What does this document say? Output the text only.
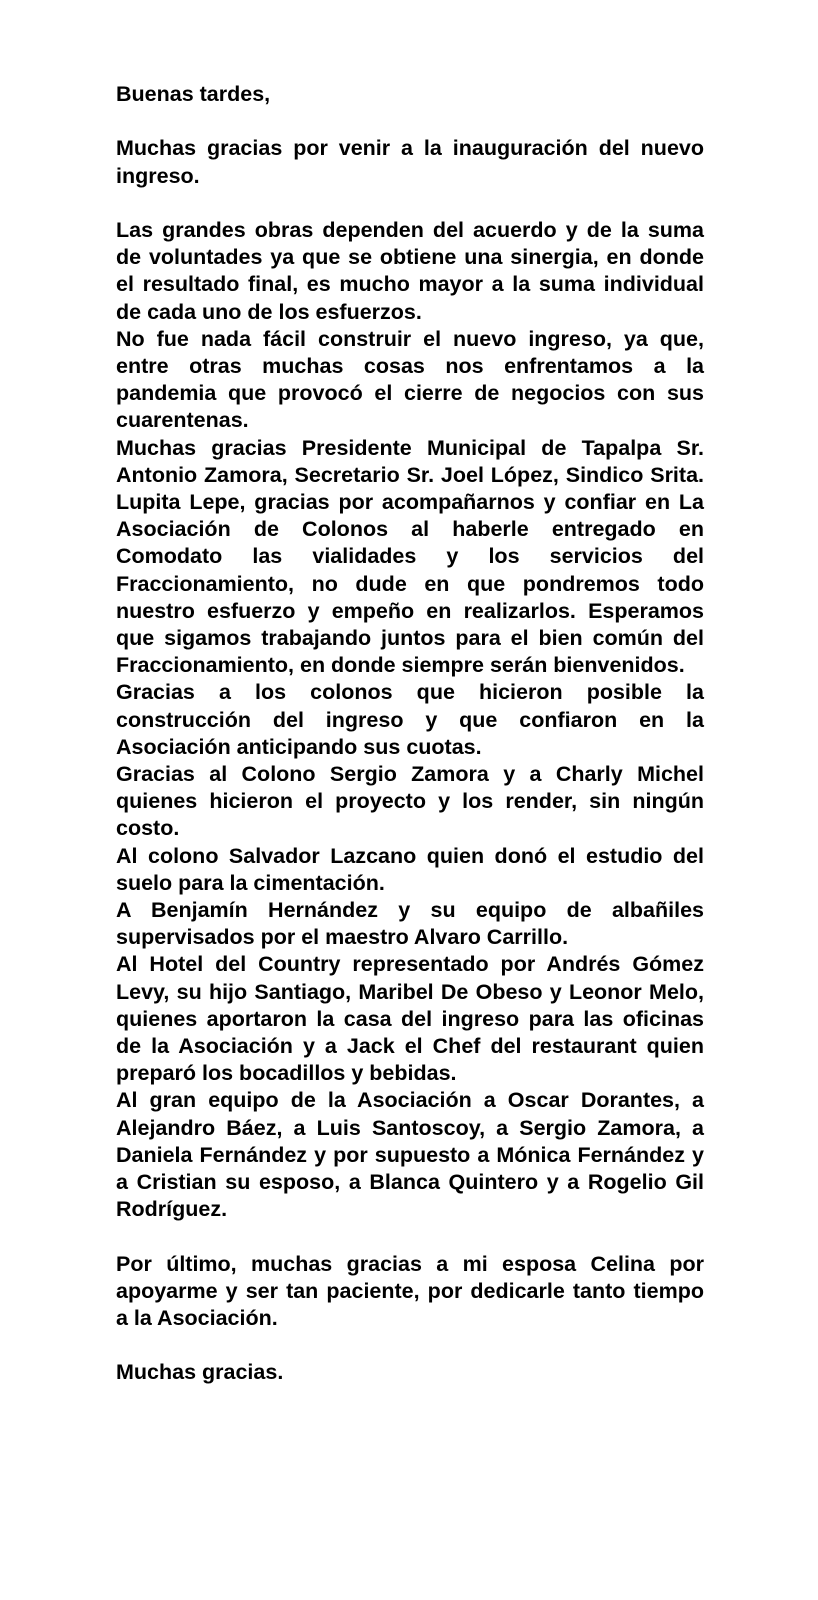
Buenas tardes,

Muchas gracias por venir a la inauguración del nuevo ingreso.

Las grandes obras dependen del acuerdo y de la suma de voluntades ya que se obtiene una sinergia, en donde el resultado final, es mucho mayor a la suma individual de cada uno de los esfuerzos.

No fue nada fácil construir el nuevo ingreso, ya que, entre otras muchas cosas nos enfrentamos a la pandemia que provocó el cierre de negocios con sus cuarentenas.

Muchas gracias Presidente Municipal de Tapalpa Sr. Antonio Zamora, Secretario Sr. Joel López, Sindico Srita. Lupita Lepe, gracias por acompañarnos y confiar en La Asociación de Colonos al haberle entregado en Comodato las vialidades y los servicios del Fraccionamiento, no dude en que pondremos todo nuestro esfuerzo y empeño en realizarlos. Esperamos que sigamos trabajando juntos para el bien común del Fraccionamiento, en donde siempre serán bienvenidos.

Gracias a los colonos que hicieron posible la construcción del ingreso y que confiaron en la Asociación anticipando sus cuotas.

Gracias al Colono Sergio Zamora y a Charly Michel quienes hicieron el proyecto y los render, sin ningún costo.

Al colono Salvador Lazcano quien donó el estudio del suelo para la cimentación.

A Benjamín Hernández y su equipo de albañiles supervisados por el maestro Alvaro Carrillo.

Al Hotel del Country representado por Andrés Gómez Levy, su hijo Santiago, Maribel De Obeso y Leonor Melo, quienes aportaron la casa del ingreso para las oficinas de la Asociación y a Jack el Chef del restaurant quien preparó los bocadillos y bebidas.

Al gran equipo de la Asociación a Oscar Dorantes, a Alejandro Báez, a Luis Santoscoy, a Sergio Zamora, a Daniela Fernández y por supuesto a Mónica Fernández y a Cristian su esposo, a Blanca Quintero y a Rogelio Gil Rodríguez.

Por último, muchas gracias a mi esposa Celina por apoyarme y ser tan paciente, por dedicarle tanto tiempo a la Asociación.

Muchas gracias.
